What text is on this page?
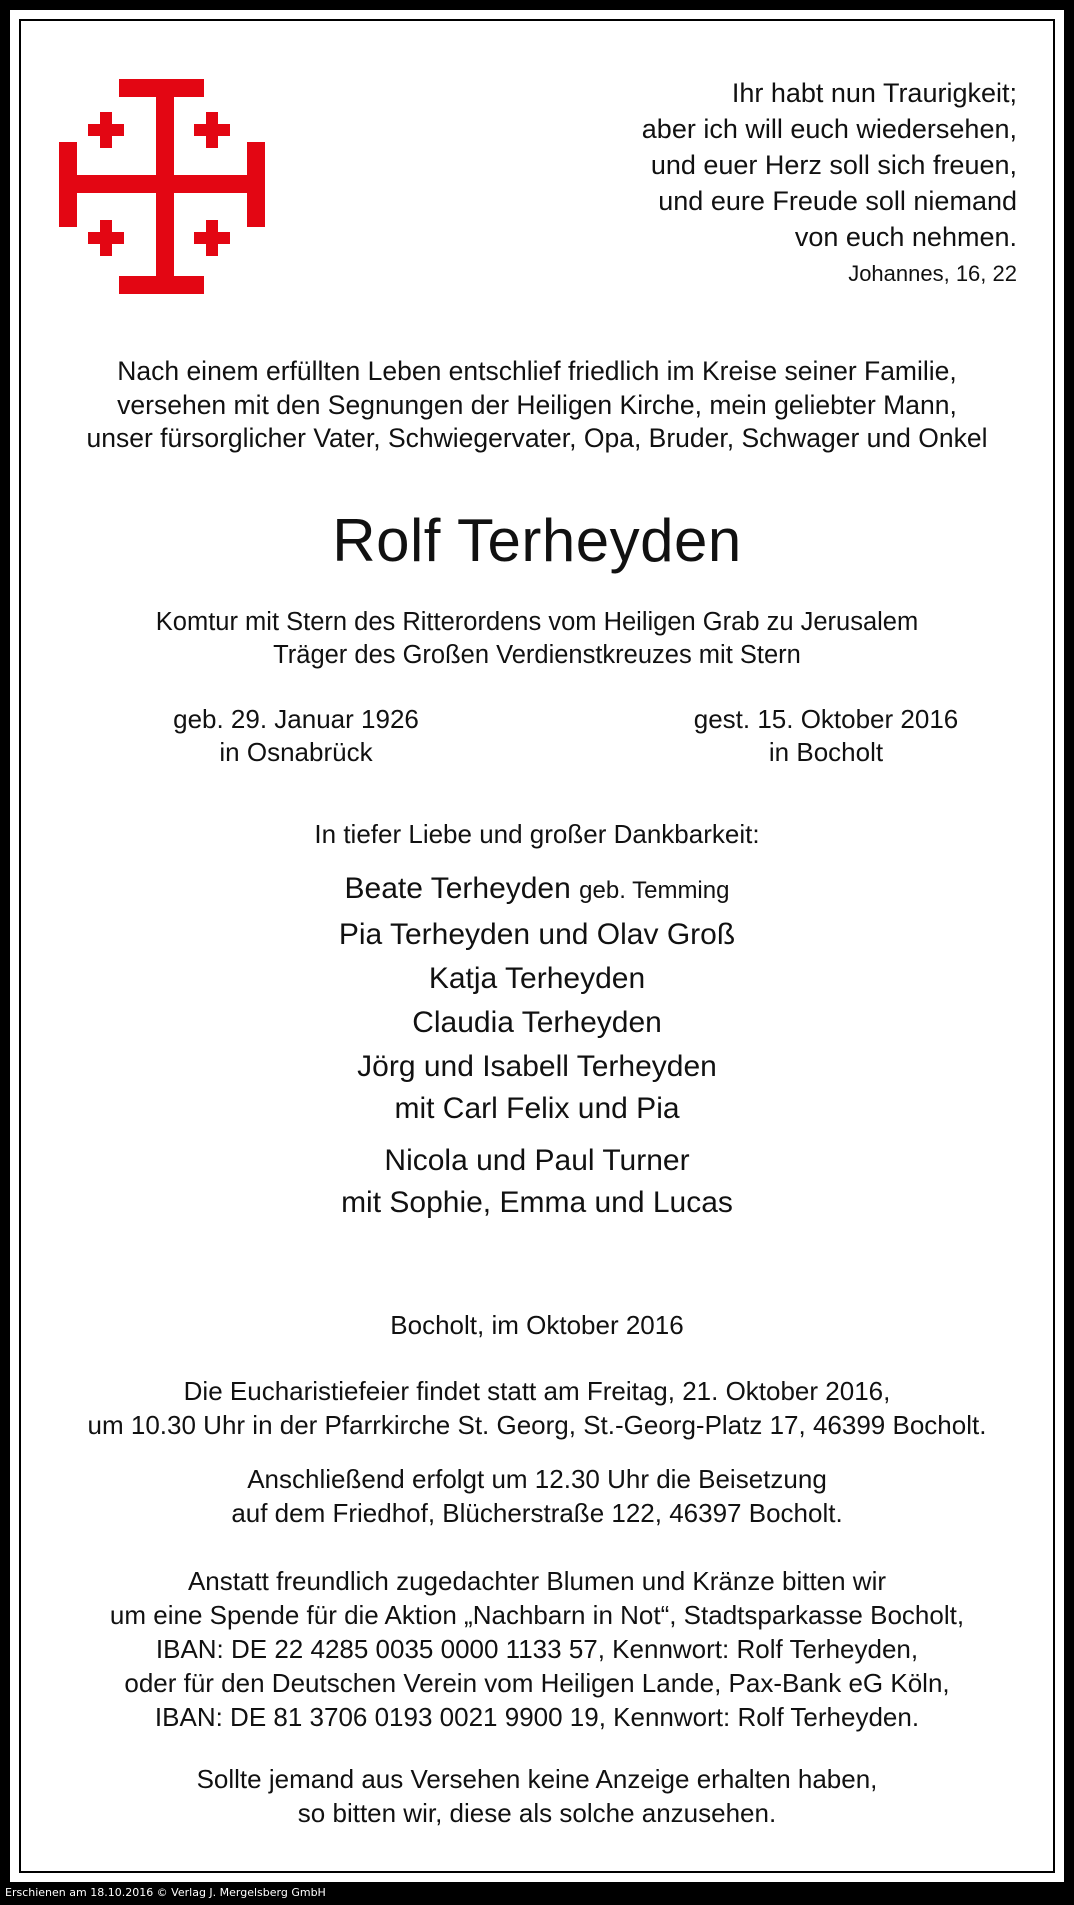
Ihr habt nun Traurigkeit;
aber ich will euch wiedersehen,
und euer Herz soll sich freuen,
und eure Freude soll niemand
von euch nehmen.
Johannes, 16, 22
Nach einem erfüllten Leben entschlief friedlich im Kreise seiner Familie,
versehen mit den Segnungen der Heiligen Kirche, mein geliebter Mann,
unser fürsorglicher Vater, Schwiegervater, Opa, Bruder, Schwager und Onkel
Rolf Terheyden
Komtur mit Stern des Ritterordens vom Heiligen Grab zu Jerusalem
Träger des Großen Verdienstkreuzes mit Stern
geb. 29. Januar 1926
in Osnabrück
gest. 15. Oktober 2016
in Bocholt
In tiefer Liebe und großer Dankbarkeit:
Beate Terheyden geb. Temming
Pia Terheyden und Olav Groß
Katja Terheyden
Claudia Terheyden
Jörg und Isabell Terheyden
mit Carl Felix und Pia
Nicola und Paul Turner
mit Sophie, Emma und Lucas
Bocholt, im Oktober 2016
Die Eucharistiefeier findet statt am Freitag, 21. Oktober 2016,
um 10.30 Uhr in der Pfarrkirche St. Georg, St.-Georg-Platz 17, 46399 Bocholt.
Anschließend erfolgt um 12.30 Uhr die Beisetzung
auf dem Friedhof, Blücherstraße 122, 46397 Bocholt.
Anstatt freundlich zugedachter Blumen und Kränze bitten wir
um eine Spende für die Aktion „Nachbarn in Not“, Stadtsparkasse Bocholt,
IBAN: DE 22 4285 0035 0000 1133 57, Kennwort: Rolf Terheyden,
oder für den Deutschen Verein vom Heiligen Lande, Pax-Bank eG Köln,
IBAN: DE 81 3706 0193 0021 9900 19, Kennwort: Rolf Terheyden.
Sollte jemand aus Versehen keine Anzeige erhalten haben,
so bitten wir, diese als solche anzusehen.
Erschienen am 18.10.2016 © Verlag J. Mergelsberg GmbH
